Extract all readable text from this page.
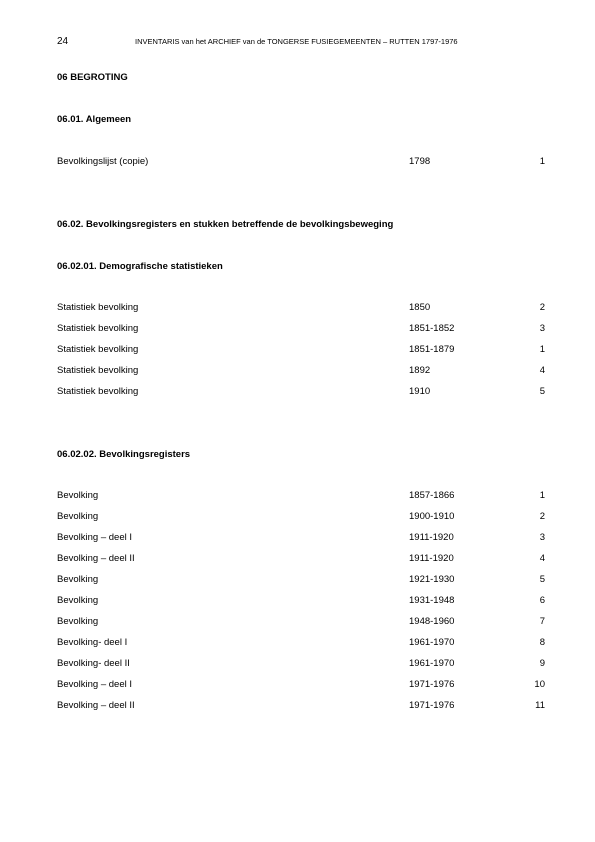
24	INVENTARIS van het ARCHIEF van de TONGERSE FUSIEGEMEENTEN – RUTTEN 1797-1976
06 BEGROTING
06.01. Algemeen
Bevolkingslijst (copie)	1798	1
06.02. Bevolkingsregisters en stukken betreffende de bevolkingsbeweging
06.02.01. Demografische statistieken
Statistiek bevolking	1850	2
Statistiek bevolking	1851-1852	3
Statistiek bevolking	1851-1879	1
Statistiek bevolking	1892	4
Statistiek bevolking	1910	5
06.02.02. Bevolkingsregisters
Bevolking	1857-1866	1
Bevolking	1900-1910	2
Bevolking – deel I	1911-1920	3
Bevolking – deel II	1911-1920	4
Bevolking	1921-1930	5
Bevolking	1931-1948	6
Bevolking	1948-1960	7
Bevolking- deel I	1961-1970	8
Bevolking- deel II	1961-1970	9
Bevolking – deel I	1971-1976	10
Bevolking – deel II	1971-1976	11
